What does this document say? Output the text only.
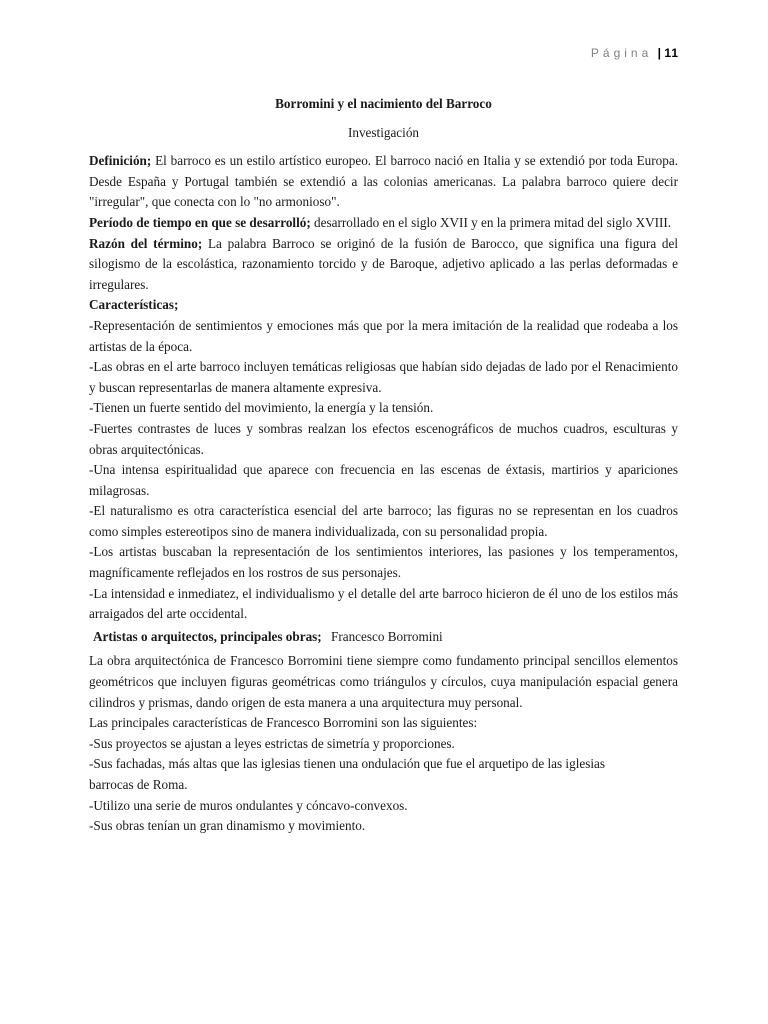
Página | 11

Borromini y el nacimiento del Barroco

Investigación

Definición; El barroco es un estilo artístico europeo. El barroco nació en Italia y se extendió por toda Europa. Desde España y Portugal también se extendió a las colonias americanas. La palabra barroco quiere decir "irregular", que conecta con lo "no armonioso".

Período de tiempo en que se desarrolló; desarrollado en el siglo XVII y en la primera mitad del siglo XVIII.

Razón del término; La palabra Barroco se originó de la fusión de Barocco, que significa una figura del silogismo de la escolástica, razonamiento torcido y de Baroque, adjetivo aplicado a las perlas deformadas e irregulares.

Características;

-Representación de sentimientos y emociones más que por la mera imitación de la realidad que rodeaba a los artistas de la época.

-Las obras en el arte barroco incluyen temáticas religiosas que habían sido dejadas de lado por el Renacimiento y buscan representarlas de manera altamente expresiva.

-Tienen un fuerte sentido del movimiento, la energía y la tensión.

-Fuertes contrastes de luces y sombras realzan los efectos escenográficos de muchos cuadros, esculturas y obras arquitectónicas.

-Una intensa espiritualidad que aparece con frecuencia en las escenas de éxtasis, martirios y apariciones milagrosas.

-El naturalismo es otra característica esencial del arte barroco; las figuras no se representan en los cuadros como simples estereotipos sino de manera individualizada, con su personalidad propia.

-Los artistas buscaban la representación de los sentimientos interiores, las pasiones y los temperamentos, magníficamente reflejados en los rostros de sus personajes.

-La intensidad e inmediatez, el individualismo y el detalle del arte barroco hicieron de él uno de los estilos más arraigados del arte occidental.

Artistas o arquitectos, principales obras; Francesco Borromini

La obra arquitectónica de Francesco Borromini tiene siempre como fundamento principal sencillos elementos geométricos que incluyen figuras geométricas como triángulos y círculos, cuya manipulación espacial genera cilindros y prismas, dando origen de esta manera a una arquitectura muy personal.

Las principales características de Francesco Borromini son las siguientes:

-Sus proyectos se ajustan a leyes estrictas de simetría y proporciones.

-Sus fachadas, más altas que las iglesias tienen una ondulación que fue el arquetipo de las iglesias barrocas de Roma.

-Utilizo una serie de muros ondulantes y cóncavo-convexos.

-Sus obras tenían un gran dinamismo y movimiento.
